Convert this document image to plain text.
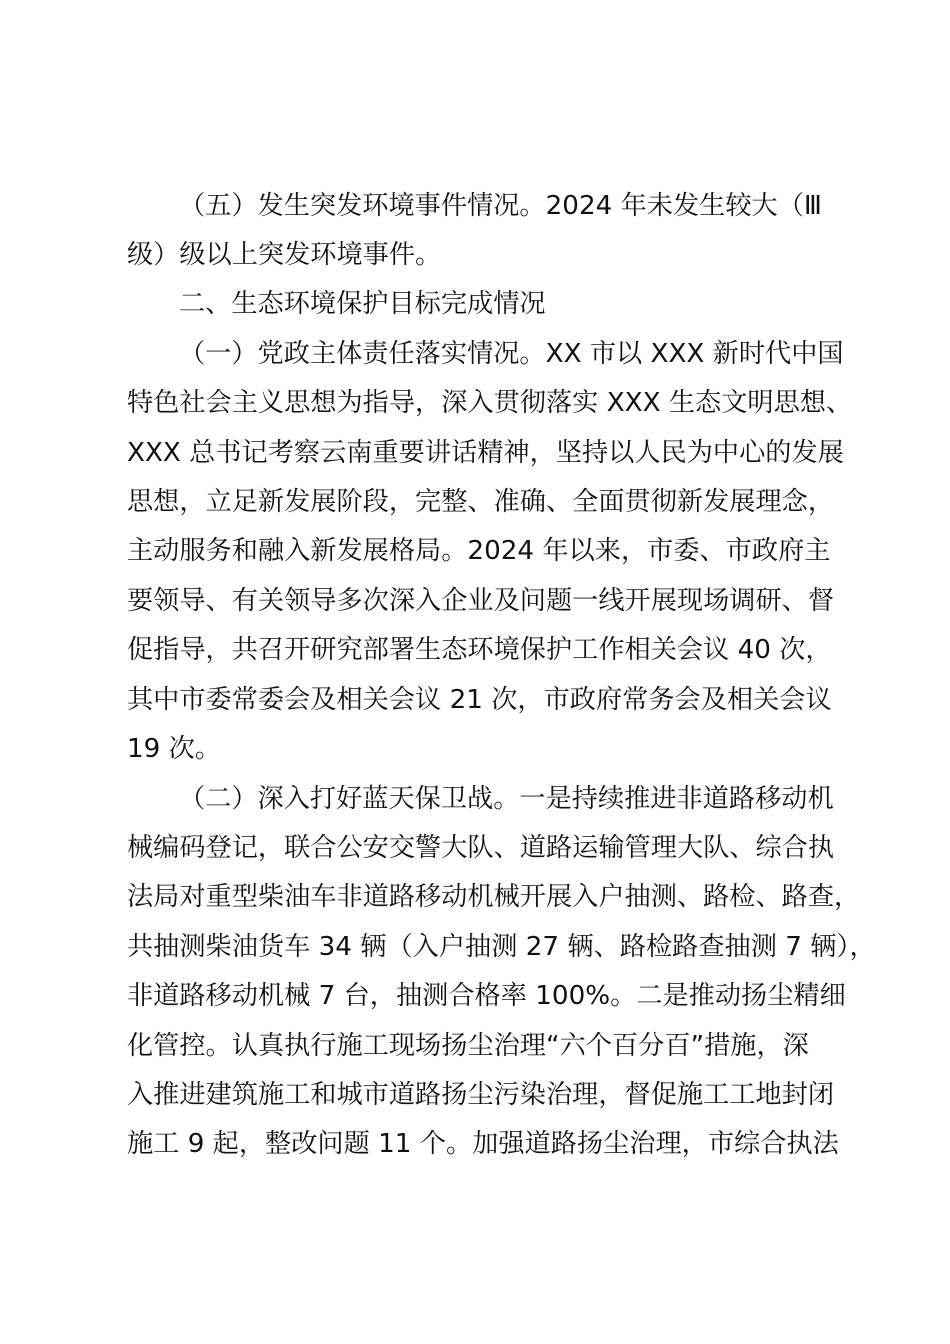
（五）发生突发环境事件情况。2024 年未发生较大（Ⅲ
级）级以上突发环境事件。
二、生态环境保护目标完成情况
（一）党政主体责任落实情况。XX 市以 XXX 新时代中国
特色社会主义思想为指导，深入贯彻落实 XXX 生态文明思想、
XXX 总书记考察云南重要讲话精神，坚持以人民为中心的发展
思想，立足新发展阶段，完整、准确、全面贯彻新发展理念，
主动服务和融入新发展格局。2024 年以来，市委、市政府主
要领导、有关领导多次深入企业及问题一线开展现场调研、督
促指导，共召开研究部署生态环境保护工作相关会议 40 次，
其中市委常委会及相关会议 21 次，市政府常务会及相关会议
19 次。
（二）深入打好蓝天保卫战。一是持续推进非道路移动机
械编码登记，联合公安交警大队、道路运输管理大队、综合执
法局对重型柴油车非道路移动机械开展入户抽测、路检、路查，
共抽测柴油货车 34 辆（入户抽测 27 辆、路检路查抽测 7 辆），
非道路移动机械 7 台，抽测合格率 100%。二是推动扬尘精细
化管控。认真执行施工现场扬尘治理“六个百分百”措施，深
入推进建筑施工和城市道路扬尘污染治理，督促施工工地封闭
施工 9 起，整改问题 11 个。加强道路扬尘治理，市综合执法
